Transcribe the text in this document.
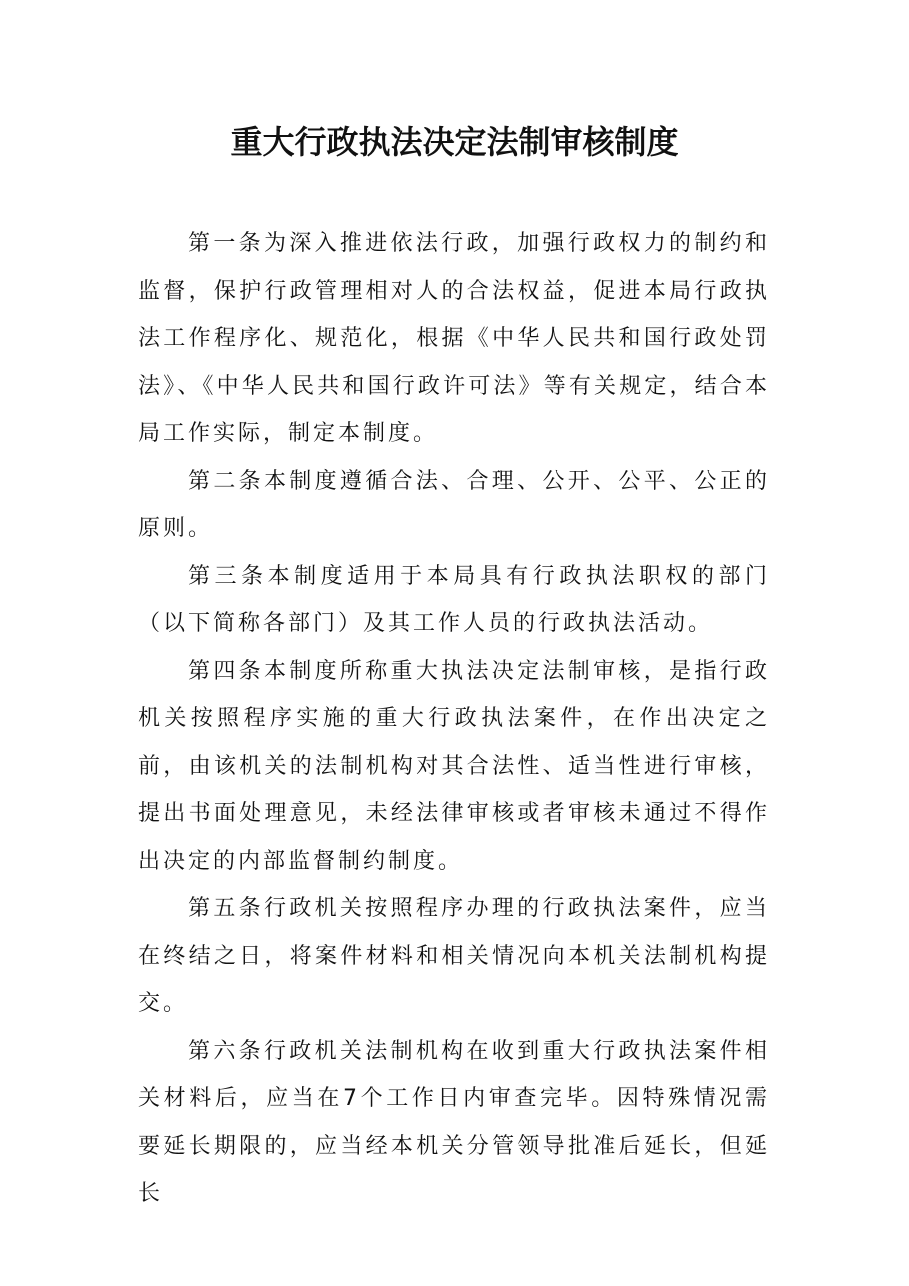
重大行政执法决定法制审核制度

第一条为深入推进依法行政，加强行政权力的制约和监督，保护行政管理相对人的合法权益，促进本局行政执法工作程序化、规范化，根据《中华人民共和国行政处罚法》、《中华人民共和国行政许可法》等有关规定，结合本局工作实际，制定本制度。

第二条本制度遵循合法、合理、公开、公平、公正的原则。

第三条本制度适用于本局具有行政执法职权的部门（以下简称各部门）及其工作人员的行政执法活动。

第四条本制度所称重大执法决定法制审核，是指行政机关按照程序实施的重大行政执法案件，在作出决定之前，由该机关的法制机构对其合法性、适当性进行审核，提出书面处理意见，未经法律审核或者审核未通过不得作出决定的内部监督制约制度。

第五条行政机关按照程序办理的行政执法案件，应当在终结之日，将案件材料和相关情况向本机关法制机构提交。

第六条行政机关法制机构在收到重大行政执法案件相关材料后，应当在7个工作日内审查完毕。因特殊情况需要延长期限的，应当经本机关分管领导批准后延长，但延长
